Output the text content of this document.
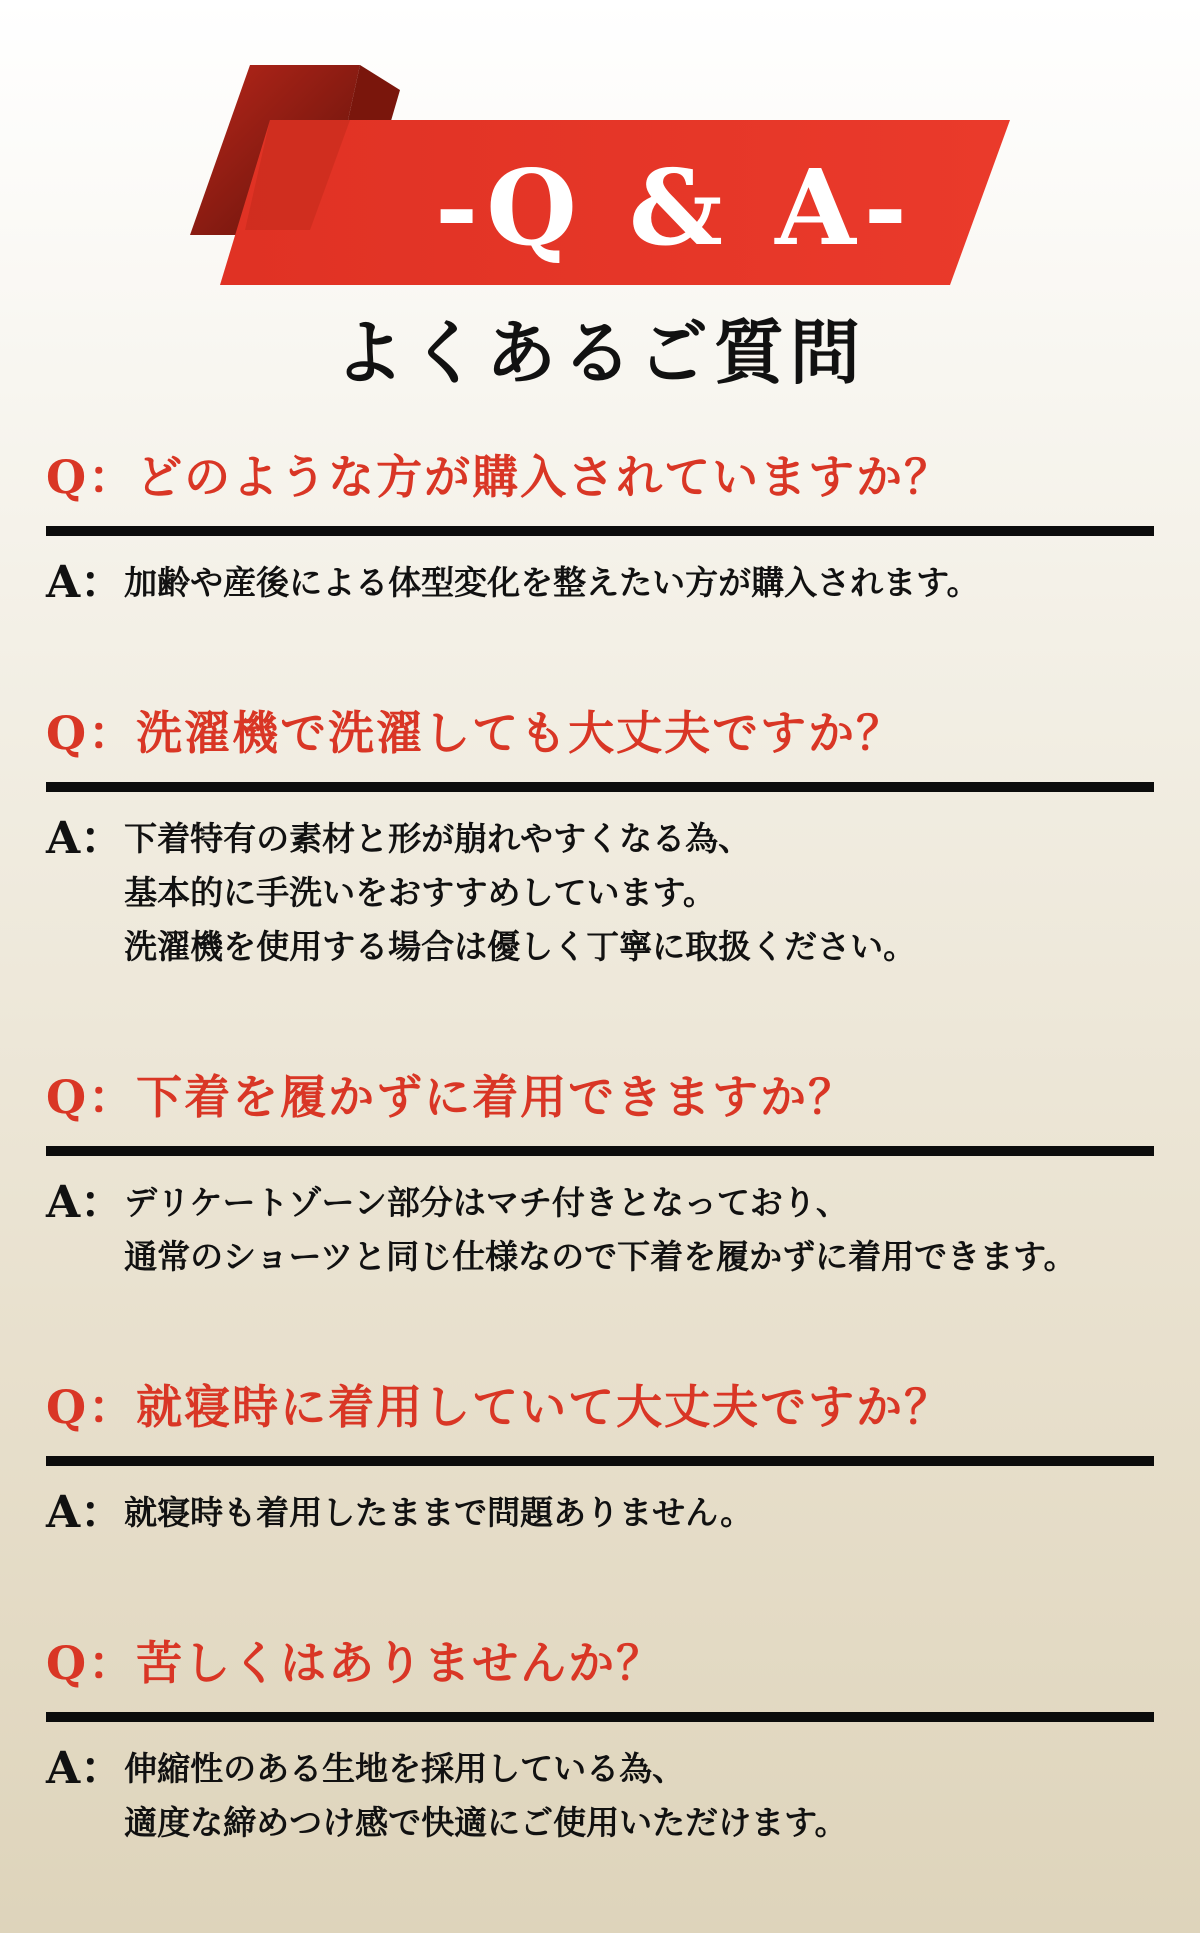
-Q & A-
よくあるご質問
Q：どのような方が購入されていますか？
A： 加齢や産後による体型変化を整えたい方が購入されます。
Q：洗濯機で洗濯しても大丈夫ですか？
A： 下着特有の素材と形が崩れやすくなる為、
基本的に手洗いをおすすめしています。
洗濯機を使用する場合は優しく丁寧に取扱ください。
Q：下着を履かずに着用できますか？
A： デリケートゾーン部分はマチ付きとなっており、
通常のショーツと同じ仕様なので下着を履かずに着用できます。
Q：就寝時に着用していて大丈夫ですか？
A： 就寝時も着用したままで問題ありません。
Q：苦しくはありませんか？
A： 伸縮性のある生地を採用している為、
適度な締めつけ感で快適にご使用いただけます。
